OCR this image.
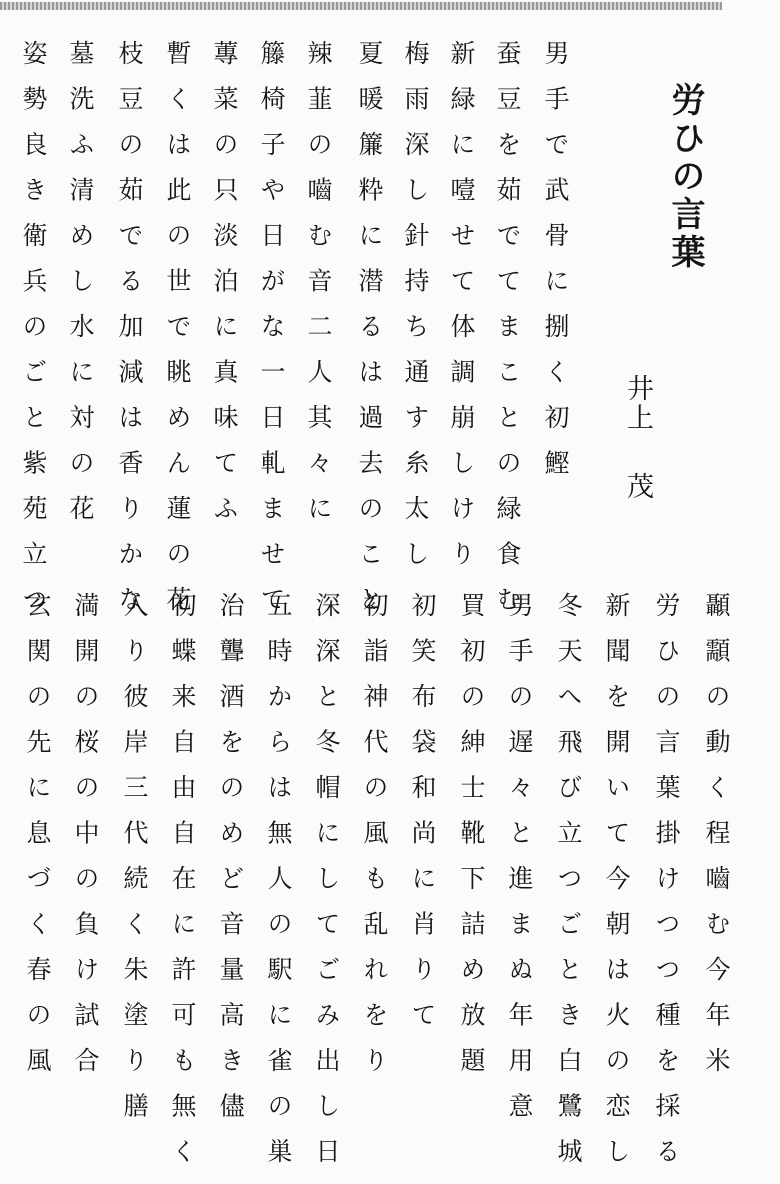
労ひの言葉
井上
茂
男手で武骨に捌く初鰹
蚕豆を茹でてまことの緑食む
新緑に噎せて体調崩しけり
梅雨深し針持ち通す糸太し
夏暖簾粋に潜るは過去のこと
辣韮の嚙む音二人其々に
籐椅子や日がな一日軋ませて
蓴菜の只淡泊に真味てふ
暫くは此の世で眺めん蓮の花
枝豆の茹でる加減は香りかな
墓洗ふ清めし水に対の花
姿勢良き衛兵のごと紫苑立つ
顳顬の動く程嚙む今年米
労ひの言葉掛けつつ種を採る
新聞を開いて今朝は火の恋し
冬天へ飛び立つごとき白鷺城
男手の遅々と進まぬ年用意
買初の紳士靴下詰め放題
初笑布袋和尚に肖りて
初詣神代の風も乱れをり
深深と冬帽にしてごみ出し日
五時からは無人の駅に雀の巣
治聾酒をのめど音量高き儘
初蝶来自由自在に許可も無く
入り彼岸三代続く朱塗り膳
満開の桜の中の負け試合
玄関の先に息づく春の風
